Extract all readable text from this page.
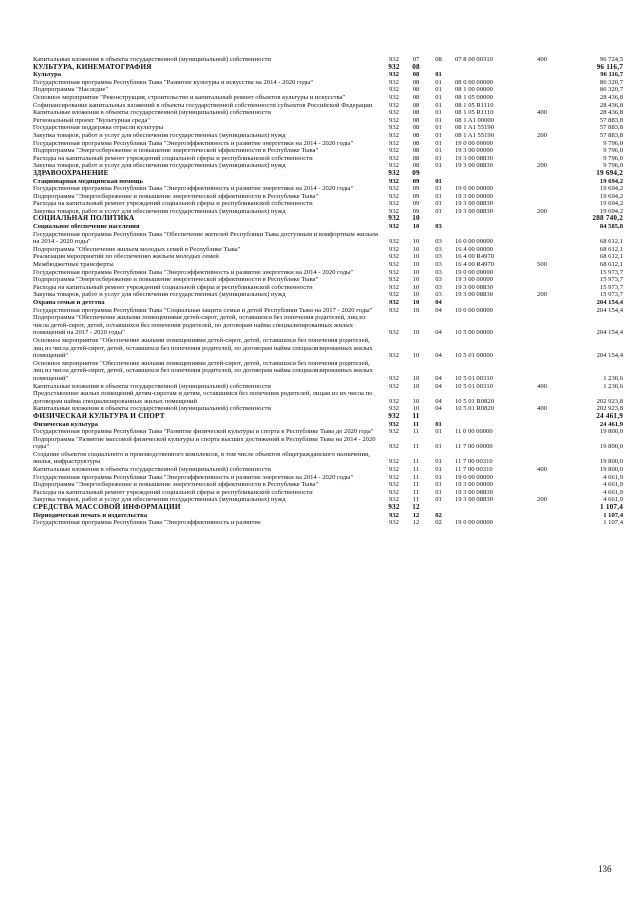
Капитальные вложения в объекты государственной (муниципальной) собственности	932	07	08	07 8 00 00310	400	96 724,5
КУЛЬТУРА, КИНЕМАТОГРАФИЯ	932	08	96 116,7
Культура	932	08	01	96 116,7
Государственная программа Республики Тыва "Развитие культуры и искусства на 2014 - 2020 годы"	932	08	01	08 0 00 00000	86 320,7
Подпрограмма "Наследие"	932	08	01	08 1 00 00000	86 320,7
Основное мероприятие "Реконструкция, строительство и капитальный ремонт объектов культуры и искусства"	932	08	01	08 1 05 00000	28 436,8
Софинансирование капитальных вложений в объекты государственной собственности субъектов Российской Федерации	932	08	01	08 1 05 R1110	28 436,8
Капитальные вложения в объекты государственной (муниципальной) собственности	932	08	01	08 1 05 R1110	400	28 436,8
Региональный проект "Культурная среда"	932	08	01	08 1 A1 00000	57 883,8
Государственная поддержка отрасли культуры	932	08	01	08 1 A1 55190	57 883,8
Закупка товаров, работ и услуг для обеспечения государственных (муниципальных) нужд	932	08	01	08 1 A1 55190	200	57 883,8
Государственная программа Республики Тыва "Энергоэффективность и развитие энергетики на 2014 - 2020 годы"	932	08	01	19 0 00 00000	9 796,0
Подпрограмма "Энергосбережение и повышение энергетической эффективности в Республике Тыва"	932	08	01	19 3 00 00000	9 796,0
Расходы на капитальный ремонт учреждений социальной сферы и республиканской собственности	932	08	01	19 3 00 08830	9 796,0
Закупка товаров, работ и услуг для обеспечения государственных (муниципальных) нужд	932	08	01	19 3 00 08830	200	9 796,0
ЗДРАВООХРАНЕНИЕ	932	09	19 694,2
Стационарная медицинская помощь	932	09	01	19 694,2
Государственная программа Республики Тыва "Энергоэффективность и развитие энергетики на 2014 - 2020 годы"	932	09	01	19 0 00 00000	19 694,2
Подпрограмма "Энергосбережение и повышение энергетической эффективности в Республике Тыва"	932	09	01	19 3 00 00000	19 694,2
Расходы на капитальный ремонт учреждений социальной сферы и республиканской собственности	932	09	01	19 3 00 08830	19 694,2
Закупка товаров, работ и услуг для обеспечения государственных (муниципальных) нужд	932	09	01	19 3 00 08830	200	19 694,2
СОЦИАЛЬНАЯ ПОЛИТИКА	932	10	288 740,2
Социальное обеспечение населения	932	10	03	84 585,8
Государственная программа Республики Тыва "Обеспечение жителей Республики Тыва доступным и комфортным жильем на 2014 - 2020 годы"	932	10	03	16 0 00 00000	68 612,1
Подпрограмма "Обеспечение жильем молодых семей в Республике Тыва"	932	10	03	16 4 00 00000	68 612,1
Реализация мероприятий по обеспечению жильем молодых семей	932	10	03	16 4 00 R4970	68 612,1
Межбюджетные трансферты	932	10	03	16 4 00 R4970	500	68 612,1
Государственная программа Республики Тыва "Энергоэффективность и развитие энергетики на 2014 - 2020 годы"	932	10	03	19 0 00 00000	15 973,7
Подпрограмма "Энергосбережение и повышение энергетической эффективности в Республике Тыва"	932	10	03	19 3 00 00000	15 973,7
Расходы на капитальный ремонт учреждений социальной сферы и республиканской собственности	932	10	03	19 3 00 08830	15 973,7
Закупка товаров, работ и услуг для обеспечения государственных (муниципальных) нужд	932	10	03	19 3 00 08830	200	15 973,7
Охрана семьи и детства	932	10	04	204 154,4
Государственная программа Республики Тыва "Социальная защита семьи и детей Республики Тыва на 2017 - 2020 годы"	932	10	04	10 0 00 00000	204 154,4
Подпрограмма "Обеспечение жилыми помещениями детей-сирот, детей, оставшихся без попечения родителей, лиц из числа детей-сирот, детей, оставшихся без попечения родителей, по договорам найма специализированных жилых помещений на 2017 - 2020 годы"	932	10	04	10 5 00 00000	204 154,4
Основное мероприятие "Обеспечение жилыми помещениями детей-сирот, детей, оставшихся без попечения родителей, лиц из числа детей-сирот, детей, оставшихся без попечения родителей, по договорам найма специализированных жилых помещений"	932	10	04	10 5 01 00000	204 154,4
Основное мероприятие "Обеспечение жилыми помещениями детей-сирот, детей, оставшихся без попечения родителей, лиц из числа детей-сирот, детей, оставшихся без попечения родителей, по договорам найма специализированных жилых помещений"	932	10	04	10 5 01 00310	1 230,6
Капитальные вложения в объекты государственной (муниципальной) собственности	932	10	04	10 5 01 00310	400	1 230,6
Предоставление жилых помещений детям-сиротам и детям, оставшимся без попечения родителей, лицам из их числа по договорам найма специализированных жилых помещений	932	10	04	10 5 01 R0820	202 923,8
Капитальные вложения в объекты государственной (муниципальной) собственности	932	10	04	10 5 01 R0820	400	202 923,8
ФИЗИЧЕСКАЯ КУЛЬТУРА И СПОРТ	932	11	24 461,9
Физическая культура	932	11	01	24 461,9
Государственная программа Республики Тыва "Развитие физической культуры и спорта в Республике Тыва до 2020 года"	932	11	01	11 0 00 00000	19 800,0
Подпрограмма "Развитие массовой физической культуры и спорта высших достижений в Республике Тыва на 2014 - 2020 годы"	932	11	01	11 7 00 00000	19 800,0
Создание объектов социального и производственного комплексов, в том числе объектов общегражданского назначения, жилья, инфраструктуры	932	11	01	11 7 00 00310	19 800,0
Капитальные вложения в объекты государственной (муниципальной) собственности	932	11	01	11 7 00 00310	400	19 800,0
Государственная программа Республики Тыва "Энергоэффективность и развитие энергетики на 2014 - 2020 годы"	932	11	01	19 0 00 00000	4 661,9
Подпрограмма "Энергосбережение и повышение энергетической эффективности в Республике Тыва"	932	11	01	19 3 00 00000	4 661,9
Расходы на капитальный ремонт учреждений социальной сферы и республиканской собственности	932	11	01	19 3 00 08830	4 661,9
Закупка товаров, работ и услуг для обеспечения государственных (муниципальных) нужд	932	11	01	19 3 00 08830	200	4 661,9
СРЕДСТВА МАССОВОЙ ИНФОРМАЦИИ	932	12	1 107,4
Периодическая печать и издательства	932	12	02	1 107,4
Государственная программа Республики Тыва "Энергоэффективность и развитие	932	12	02	19 0 00 00000	1 107,4
136
